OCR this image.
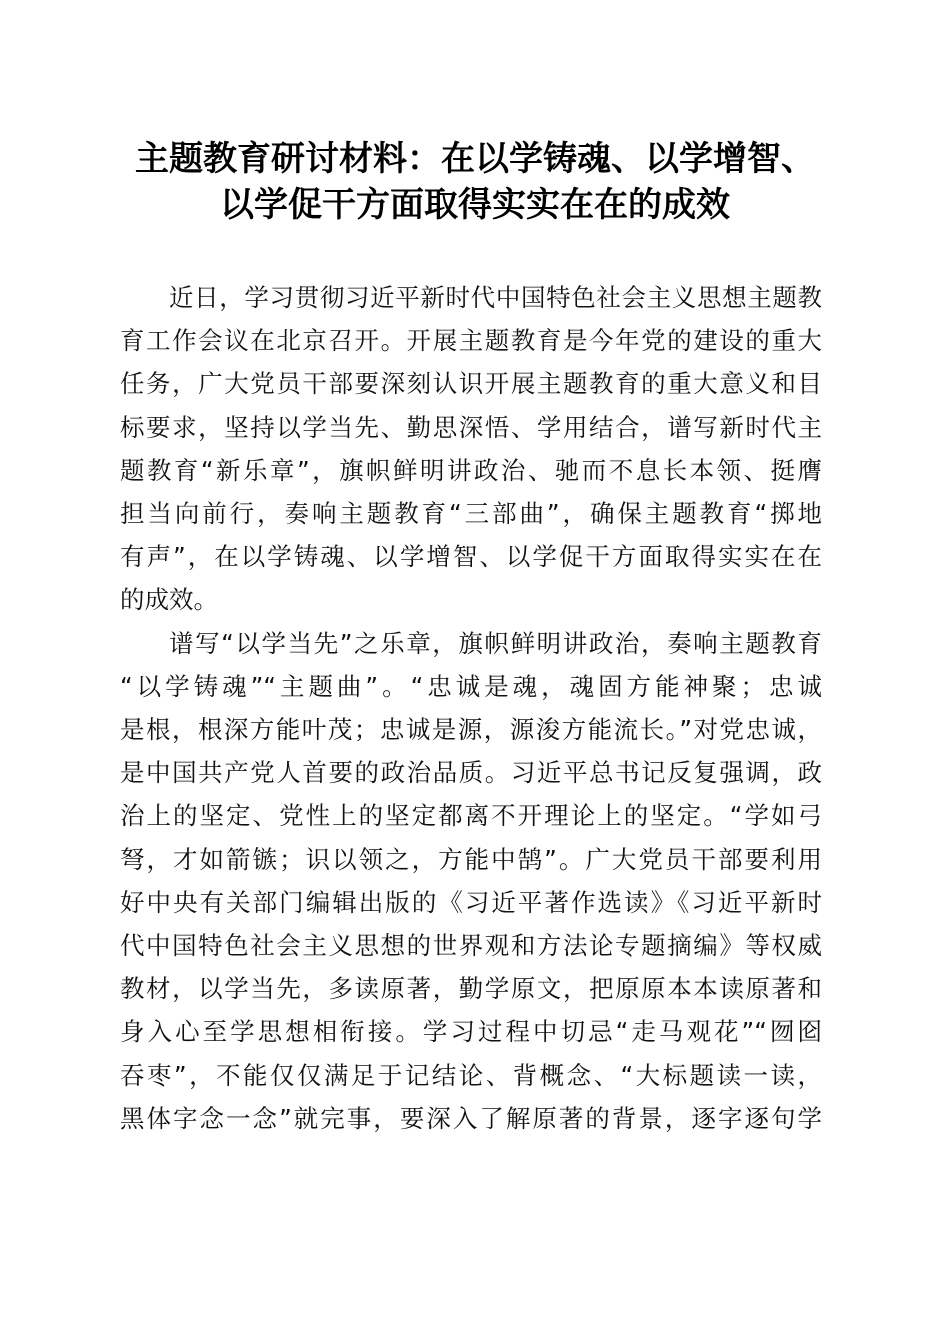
主题教育研讨材料：在以学铸魂、以学增智、
以学促干方面取得实实在在的成效

近日，学习贯彻习近平新时代中国特色社会主义思想主题教
育工作会议在北京召开。开展主题教育是今年党的建设的重大
任务，广大党员干部要深刻认识开展主题教育的重大意义和目
标要求，坚持以学当先、勤思深悟、学用结合，谱写新时代主
题教育“新乐章”，旗帜鲜明讲政治、驰而不息长本领、挺膺
担当向前行，奏响主题教育“三部曲”，确保主题教育“掷地
有声”，在以学铸魂、以学增智、以学促干方面取得实实在在
的成效。

谱写“以学当先”之乐章，旗帜鲜明讲政治，奏响主题教育
“以学铸魂”“主题曲”。“忠诚是魂，魂固方能神聚；忠诚
是根，根深方能叶茂；忠诚是源，源浚方能流长。”对党忠诚，
是中国共产党人首要的政治品质。习近平总书记反复强调，政
治上的坚定、党性上的坚定都离不开理论上的坚定。“学如弓
弩，才如箭镞；识以领之，方能中鹄”。广大党员干部要利用
好中央有关部门编辑出版的《习近平著作选读》《习近平新时
代中国特色社会主义思想的世界观和方法论专题摘编》等权威
教材，以学当先，多读原著，勤学原文，把原原本本读原著和
身入心至学思想相衔接。学习过程中切忌“走马观花”“囫囵
吞枣”，不能仅仅满足于记结论、背概念、“大标题读一读，
黑体字念一念”就完事，要深入了解原著的背景，逐字逐句学
